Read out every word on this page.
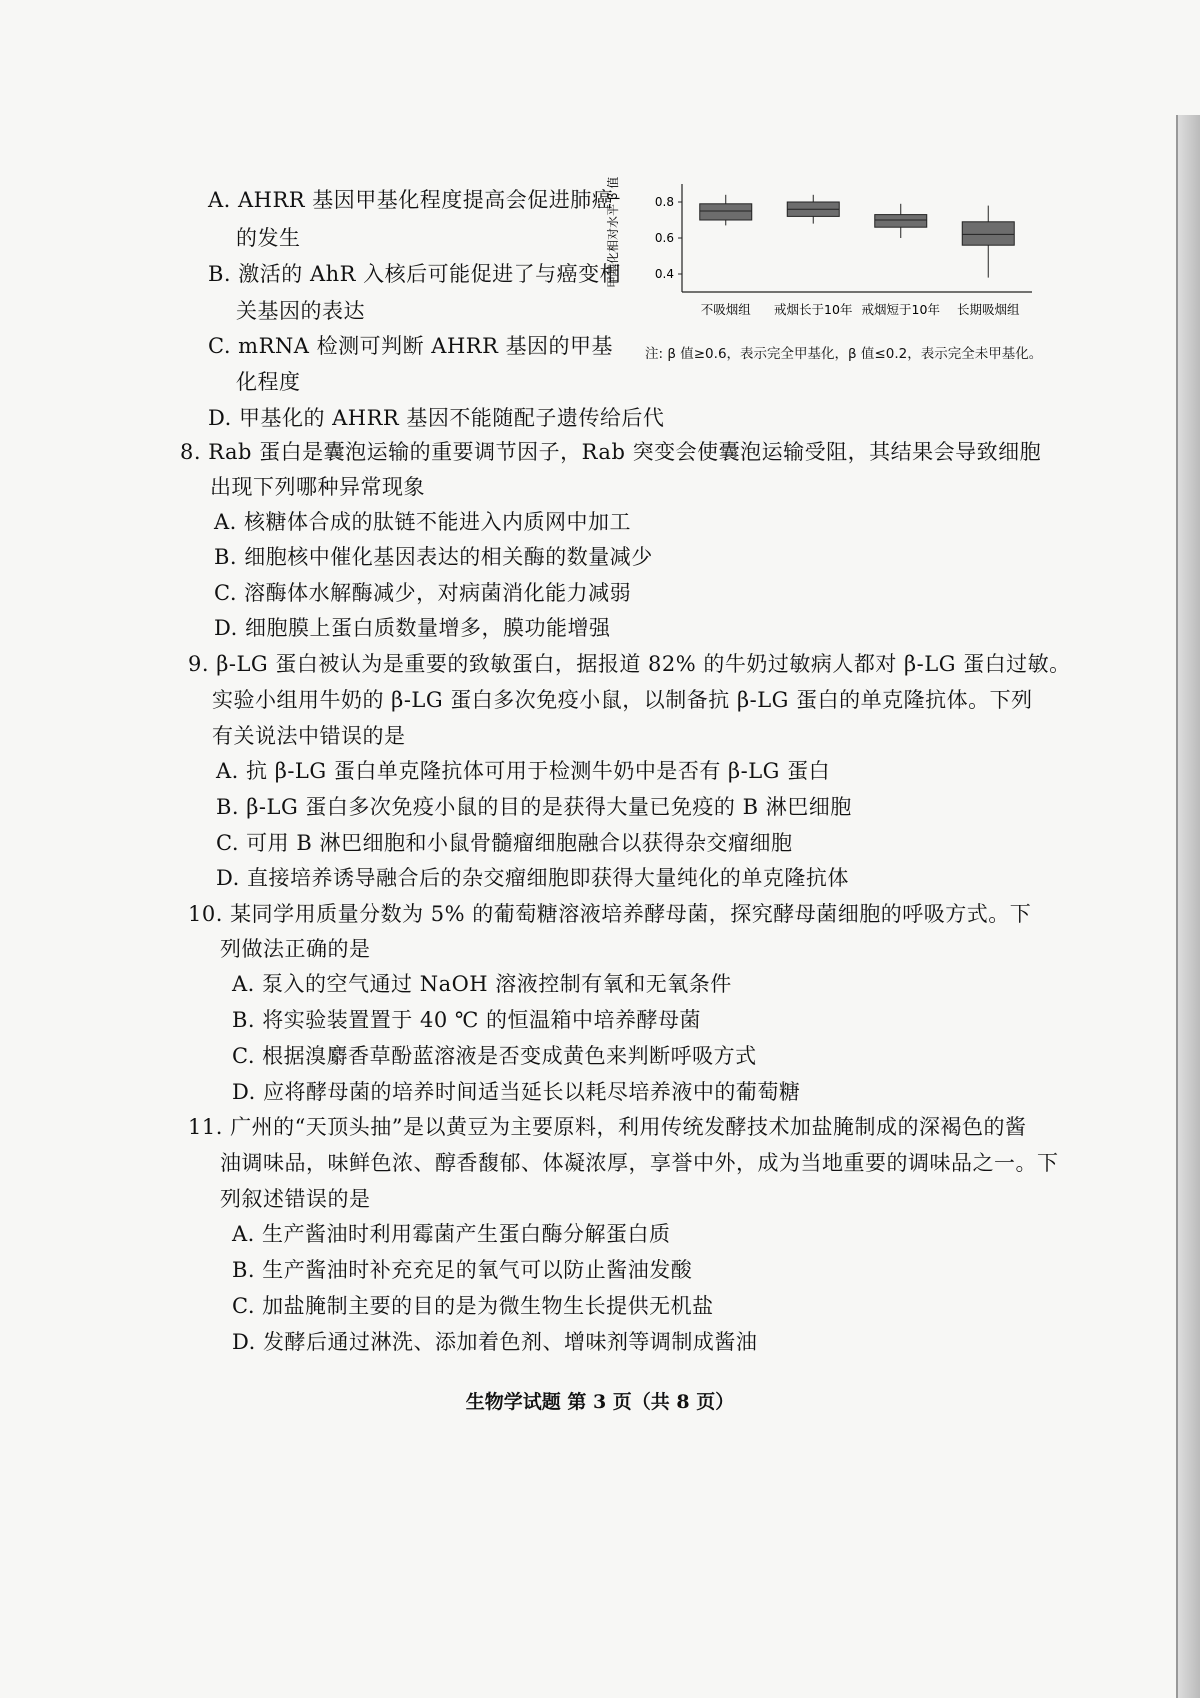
A. AHRR 基因甲基化程度提高会促进肺癌
的发生
B. 激活的 AhR 入核后可能促进了与癌变相
关基因的表达
C. mRNA 检测可判断 AHRR 基因的甲基
化程度
D. 甲基化的 AHRR 基因不能随配子遗传给后代
甲基化相对水平 β 值	0.8
0.6
0.4
不吸烟组 戒烟长于10年 戒烟短于10年 长期吸烟组
注: β 值≥0.6，表示完全甲基化，β 值≤0.2，表示完全未甲基化。
8. Rab 蛋白是囊泡运输的重要调节因子，Rab 突变会使囊泡运输受阻，其结果会导致细胞
出现下列哪种异常现象
A. 核糖体合成的肽链不能进入内质网中加工
B. 细胞核中催化基因表达的相关酶的数量减少
C. 溶酶体水解酶减少，对病菌消化能力减弱
D. 细胞膜上蛋白质数量增多，膜功能增强
9. β-LG 蛋白被认为是重要的致敏蛋白，据报道 82% 的牛奶过敏病人都对 β-LG 蛋白过敏。
实验小组用牛奶的 β-LG 蛋白多次免疫小鼠，以制备抗 β-LG 蛋白的单克隆抗体。下列
有关说法中错误的是
A. 抗 β-LG 蛋白单克隆抗体可用于检测牛奶中是否有 β-LG 蛋白
B. β-LG 蛋白多次免疫小鼠的目的是获得大量已免疫的 B 淋巴细胞
C. 可用 B 淋巴细胞和小鼠骨髓瘤细胞融合以获得杂交瘤细胞
D. 直接培养诱导融合后的杂交瘤细胞即获得大量纯化的单克隆抗体
10. 某同学用质量分数为 5% 的葡萄糖溶液培养酵母菌，探究酵母菌细胞的呼吸方式。下
列做法正确的是
A. 泵入的空气通过 NaOH 溶液控制有氧和无氧条件
B. 将实验装置置于 40 ℃ 的恒温箱中培养酵母菌
C. 根据溴麝香草酚蓝溶液是否变成黄色来判断呼吸方式
D. 应将酵母菌的培养时间适当延长以耗尽培养液中的葡萄糖
11. 广州的“天顶头抽”是以黄豆为主要原料，利用传统发酵技术加盐腌制成的深褐色的酱
油调味品，味鲜色浓、醇香馥郁、体凝浓厚，享誉中外，成为当地重要的调味品之一。下
列叙述错误的是
A. 生产酱油时利用霉菌产生蛋白酶分解蛋白质
B. 生产酱油时补充充足的氧气可以防止酱油发酸
C. 加盐腌制主要的目的是为微生物生长提供无机盐
D. 发酵后通过淋洗、添加着色剂、增味剂等调制成酱油
生物学试题 第 3 页（共 8 页）
